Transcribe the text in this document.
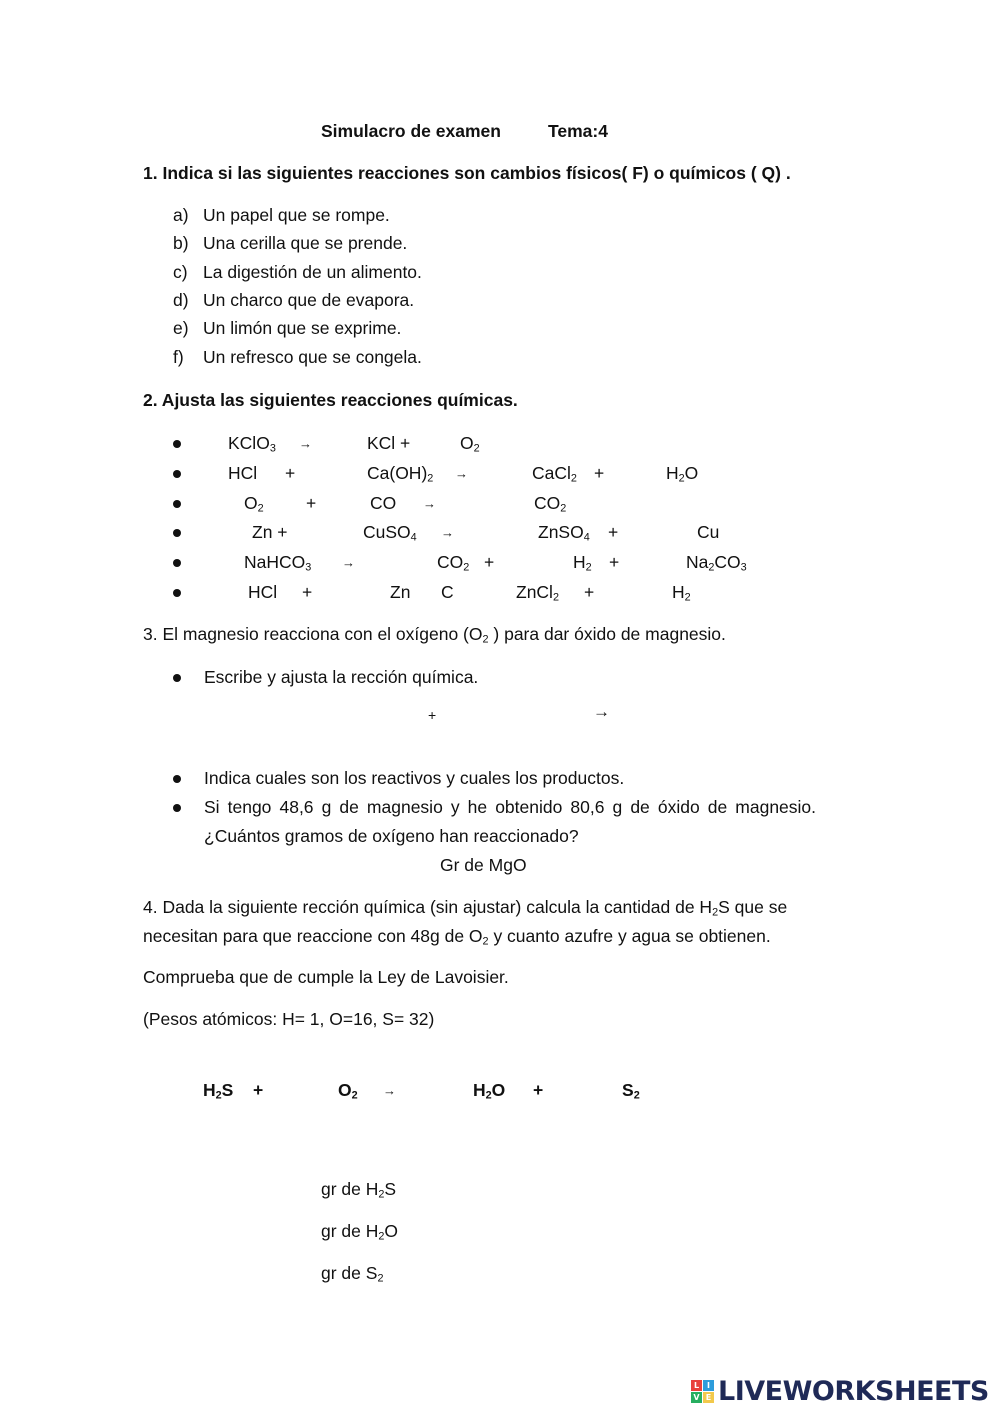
Simulacro de examen	Tema:4
1. Indica si las siguientes reacciones son cambios físicos( F) o químicos ( Q) .
a) Un papel que se rompe.
b) Una cerilla que se prende.
c) La digestión de un alimento.
d) Un charco que de evapora.
e) Un limón que se exprime.
f) Un refresco que se congela.
2. Ajusta las siguientes reacciones químicas.
KClO$_3$ →	KCl +	$O_2$
HCl +	$Ca(OH)_2$ →	CaCl$_2$ +	$H_2O$
$O_2$ +	CO →	$CO_2$
Zn +	CuSO$_4$ →	ZnSO$_4$ +	Cu
NaHCO$_3$ →	$CO_2$ +	$H_2$ +	$Na_2CO_3$
HCl +	Zn C	ZnCl$_2$ +	$H_2$
3. El magnesio reacciona con el oxígeno ($O_2$ ) para dar óxido de magnesio.
Escribe y ajusta la rección química.
+	→
Indica cuales son los reactivos y cuales los productos.
Si tengo 48,6 g de magnesio y he obtenido 80,6 g de óxido de magnesio.
¿Cuántos gramos de oxígeno han reaccionado?
Gr de MgO
4. Dada la siguiente rección química (sin ajustar) calcula la cantidad de $H_2S$ que se
necesitan para que reaccione con 48g de $O_2$ y cuanto azufre y agua se obtienen.
Comprueba que de cumple la Ley de Lavoisier.
(Pesos atómicos: H= 1, O=16, S= 32)
$H_2S$ +	$O_2$ →	$H_2O$ +	$S_2$
gr de $H_2S$
gr de $H_2O$
gr de $S_2$
L I
V E LIVEWORKSHEETS
